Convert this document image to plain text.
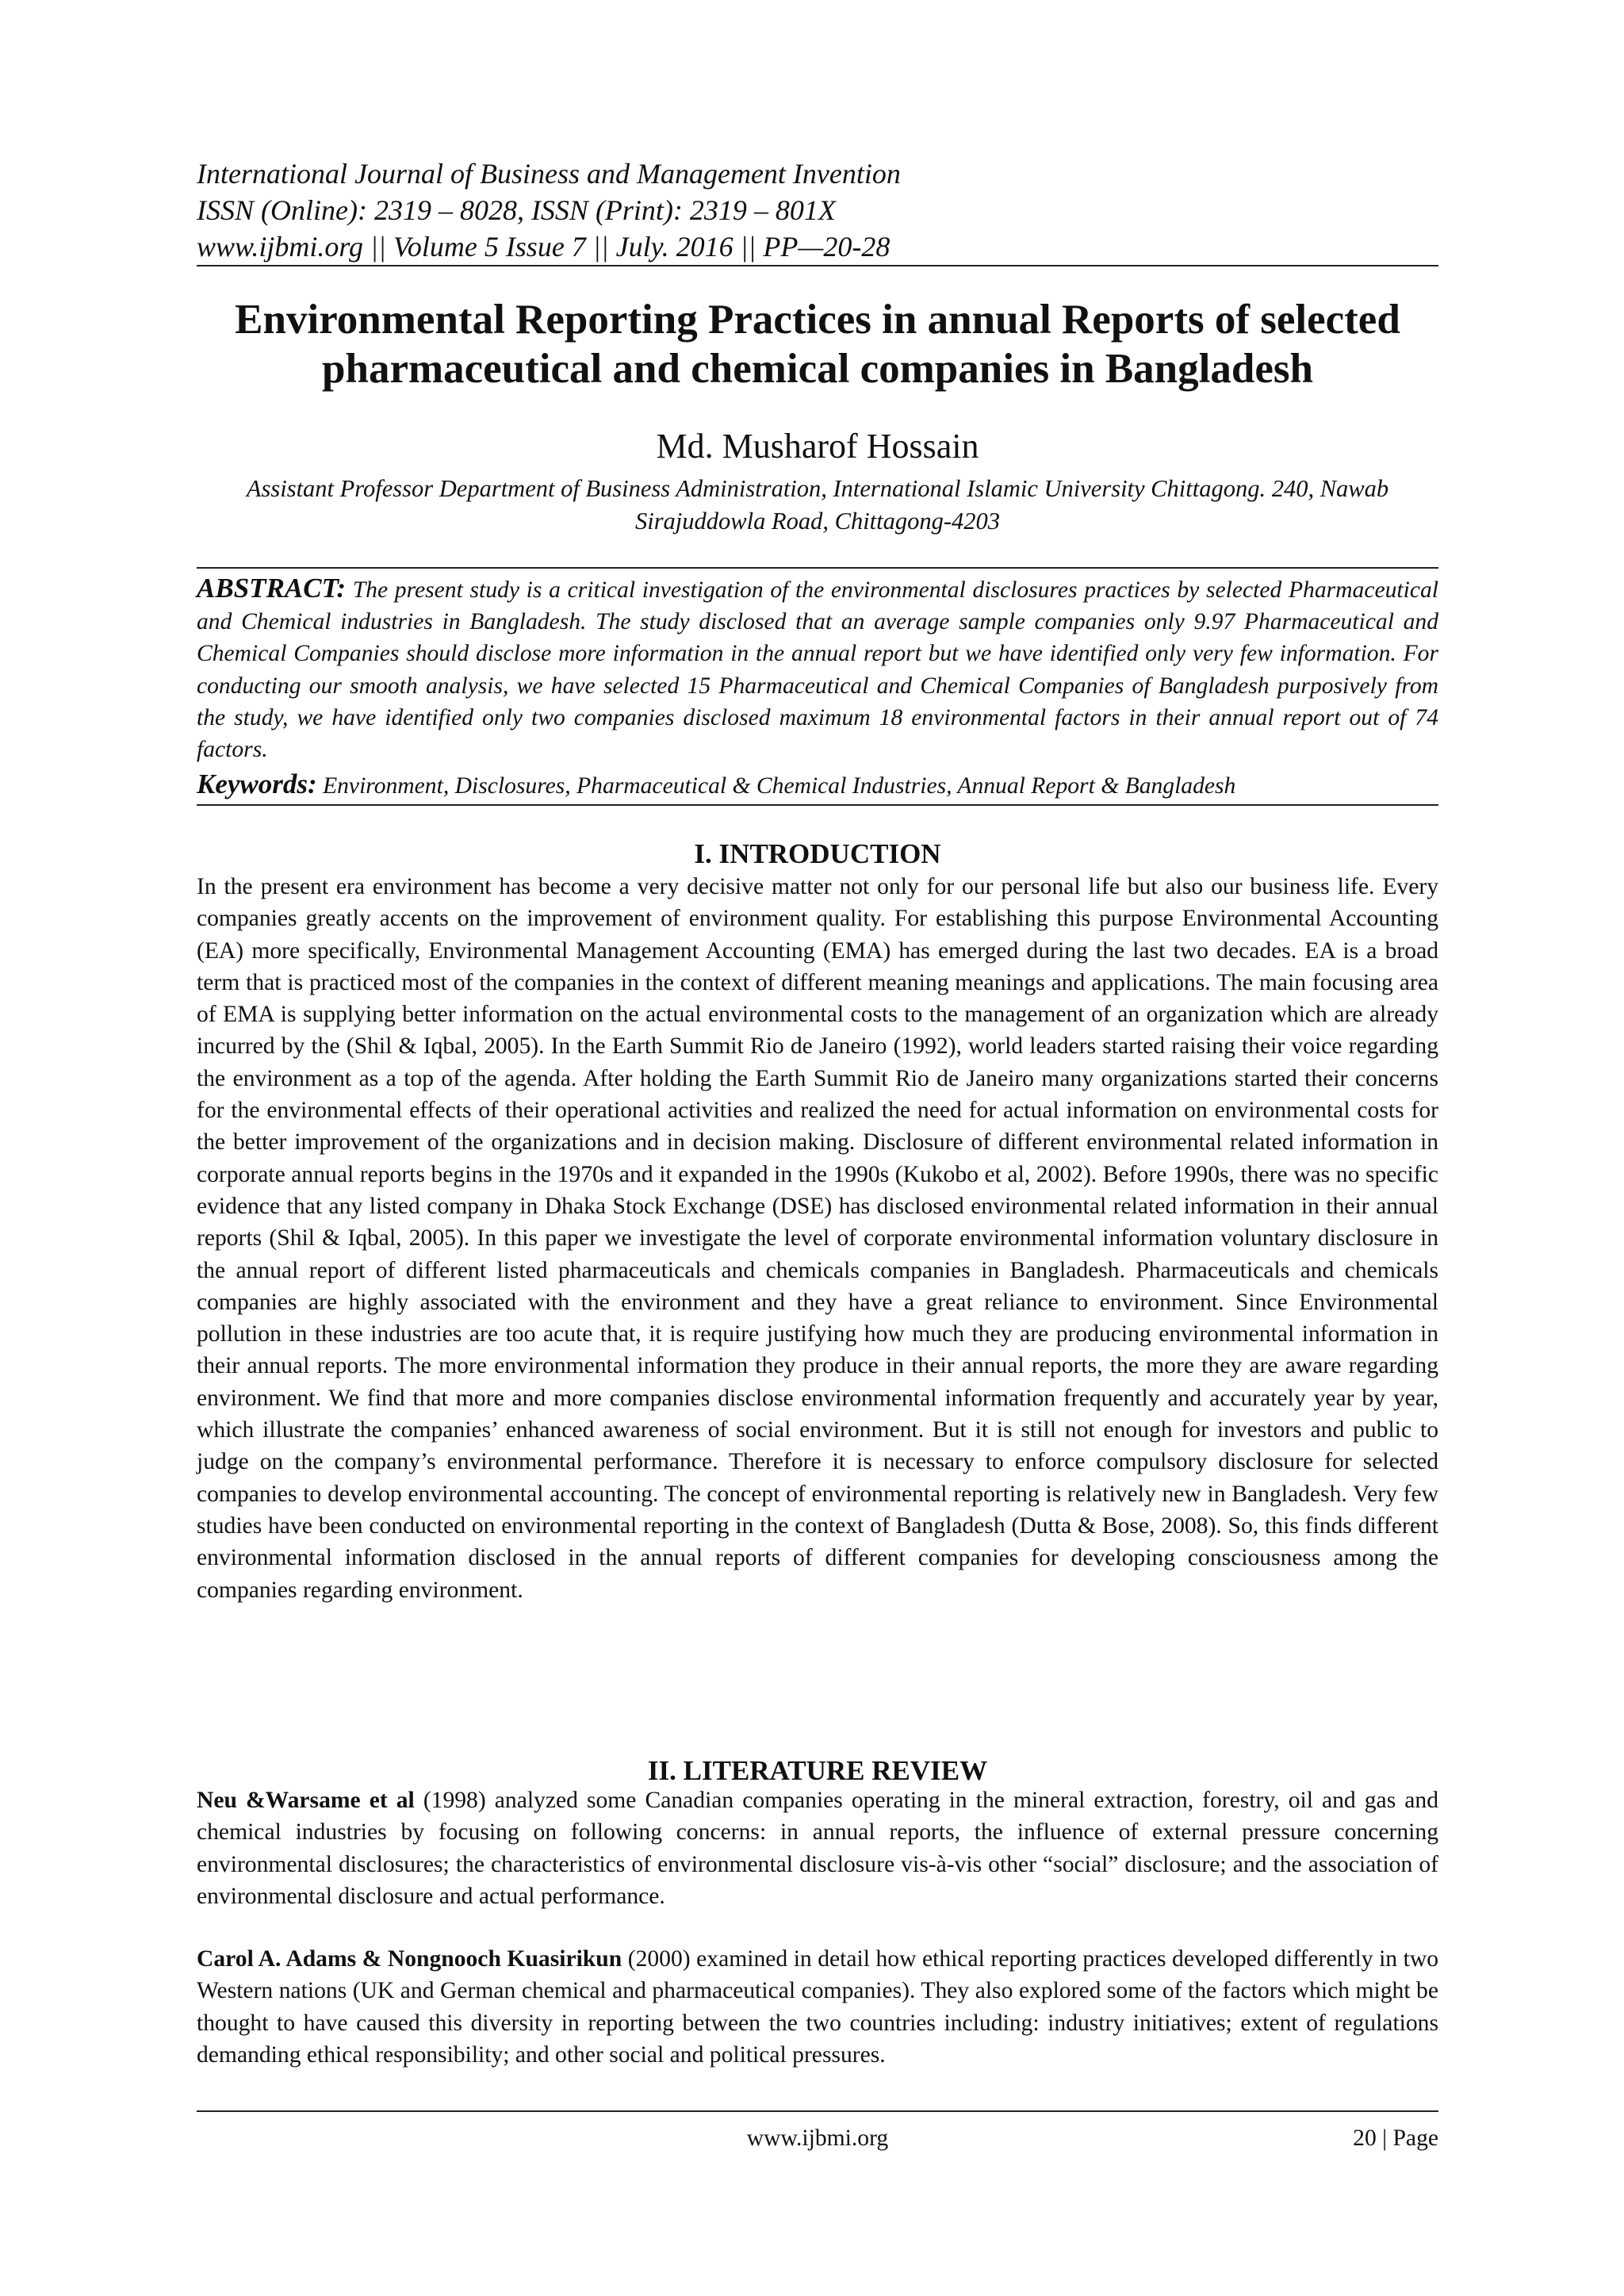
International Journal of Business and Management Invention
ISSN (Online): 2319 – 8028, ISSN (Print): 2319 – 801X
www.ijbmi.org || Volume 5 Issue 7 || July. 2016 || PP—20-28
Environmental Reporting Practices in annual Reports of selected pharmaceutical and chemical companies in Bangladesh
Md. Musharof Hossain
Assistant Professor Department of Business Administration, International Islamic University Chittagong. 240, Nawab Sirajuddowla Road, Chittagong-4203
ABSTRACT: The present study is a critical investigation of the environmental disclosures practices by selected Pharmaceutical and Chemical industries in Bangladesh. The study disclosed that an average sample companies only 9.97 Pharmaceutical and Chemical Companies should disclose more information in the annual report but we have identified only very few information. For conducting our smooth analysis, we have selected 15 Pharmaceutical and Chemical Companies of Bangladesh purposively from the study, we have identified only two companies disclosed maximum 18 environmental factors in their annual report out of 74 factors.
Keywords: Environment, Disclosures, Pharmaceutical & Chemical Industries, Annual Report & Bangladesh
I. INTRODUCTION
In the present era environment has become a very decisive matter not only for our personal life but also our business life. Every companies greatly accents on the improvement of environment quality. For establishing this purpose Environmental Accounting (EA) more specifically, Environmental Management Accounting (EMA) has emerged during the last two decades. EA is a broad term that is practiced most of the companies in the context of different meaning meanings and applications. The main focusing area of EMA is supplying better information on the actual environmental costs to the management of an organization which are already incurred by the (Shil & Iqbal, 2005). In the Earth Summit Rio de Janeiro (1992), world leaders started raising their voice regarding the environment as a top of the agenda. After holding the Earth Summit Rio de Janeiro many organizations started their concerns for the environmental effects of their operational activities and realized the need for actual information on environmental costs for the better improvement of the organizations and in decision making. Disclosure of different environmental related information in corporate annual reports begins in the 1970s and it expanded in the 1990s (Kukobo et al, 2002). Before 1990s, there was no specific evidence that any listed company in Dhaka Stock Exchange (DSE) has disclosed environmental related information in their annual reports (Shil & Iqbal, 2005). In this paper we investigate the level of corporate environmental information voluntary disclosure in the annual report of different listed pharmaceuticals and chemicals companies in Bangladesh. Pharmaceuticals and chemicals companies are highly associated with the environment and they have a great reliance to environment. Since Environmental pollution in these industries are too acute that, it is require justifying how much they are producing environmental information in their annual reports. The more environmental information they produce in their annual reports, the more they are aware regarding environment. We find that more and more companies disclose environmental information frequently and accurately year by year, which illustrate the companies’ enhanced awareness of social environment. But it is still not enough for investors and public to judge on the company’s environmental performance. Therefore it is necessary to enforce compulsory disclosure for selected companies to develop environmental accounting. The concept of environmental reporting is relatively new in Bangladesh. Very few studies have been conducted on environmental reporting in the context of Bangladesh (Dutta & Bose, 2008). So, this finds different environmental information disclosed in the annual reports of different companies for developing consciousness among the companies regarding environment.
II. LITERATURE REVIEW
Neu &Warsame et al (1998) analyzed some Canadian companies operating in the mineral extraction, forestry, oil and gas and chemical industries by focusing on following concerns: in annual reports, the influence of external pressure concerning environmental disclosures; the characteristics of environmental disclosure vis-à-vis other “social” disclosure; and the association of environmental disclosure and actual performance.
Carol A. Adams & Nongnooch Kuasirikun (2000) examined in detail how ethical reporting practices developed differently in two Western nations (UK and German chemical and pharmaceutical companies). They also explored some of the factors which might be thought to have caused this diversity in reporting between the two countries including: industry initiatives; extent of regulations demanding ethical responsibility; and other social and political pressures.
www.ijbmi.org	20 | Page
